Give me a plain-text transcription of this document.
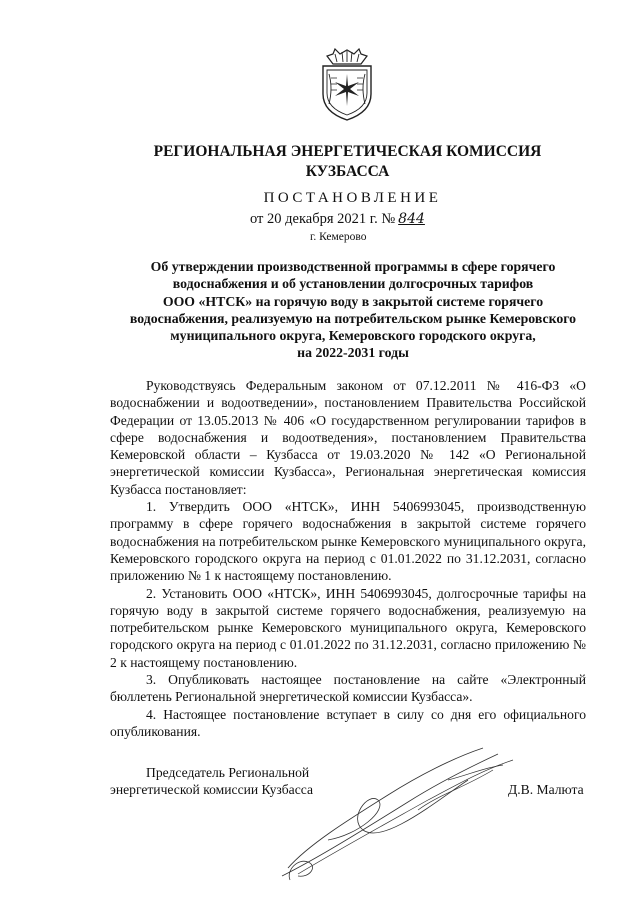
РЕГИОНАЛЬНАЯ ЭНЕРГЕТИЧЕСКАЯ КОМИССИЯ
КУЗБАССА
ПОСТАНОВЛЕНИЕ
от 20 декабря 2021 г. № 844
г. Кемерово
Об утверждении производственной программы в сфере горячего
водоснабжения и об установлении долгосрочных тарифов
ООО «НТСК» на горячую воду в закрытой системе горячего
водоснабжения, реализуемую на потребительском рынке Кемеровского
муниципального округа, Кемеровского городского округа,
на 2022-2031 годы

Руководствуясь Федеральным законом от 07.12.2011 № 416-ФЗ «О водоснабжении и водоотведении», постановлением Правительства Российской Федерации от 13.05.2013 № 406 «О государственном регулировании тарифов в сфере водоснабжения и водоотведения», постановлением Правительства Кемеровской области – Кузбасса от 19.03.2020 № 142 «О Региональной энергетической комиссии Кузбасса», Региональная энергетическая комиссия Кузбасса постановляет:

1. Утвердить ООО «НТСК», ИНН 5406993045, производственную программу в сфере горячего водоснабжения в закрытой системе горячего водоснабжения на потребительском рынке Кемеровского муниципального округа, Кемеровского городского округа на период с 01.01.2022 по 31.12.2031, согласно приложению № 1 к настоящему постановлению.

2. Установить ООО «НТСК», ИНН 5406993045, долгосрочные тарифы на горячую воду в закрытой системе горячего водоснабжения, реализуемую на потребительском рынке Кемеровского муниципального округа, Кемеровского городского округа на период с 01.01.2022 по 31.12.2031, согласно приложению № 2 к настоящему постановлению.

3. Опубликовать настоящее постановление на сайте «Электронный бюллетень Региональной энергетической комиссии Кузбасса».

4. Настоящее постановление вступает в силу со дня его официального опубликования.

Председатель Региональной
энергетической комиссии Кузбасса	Д.В. Малюта
